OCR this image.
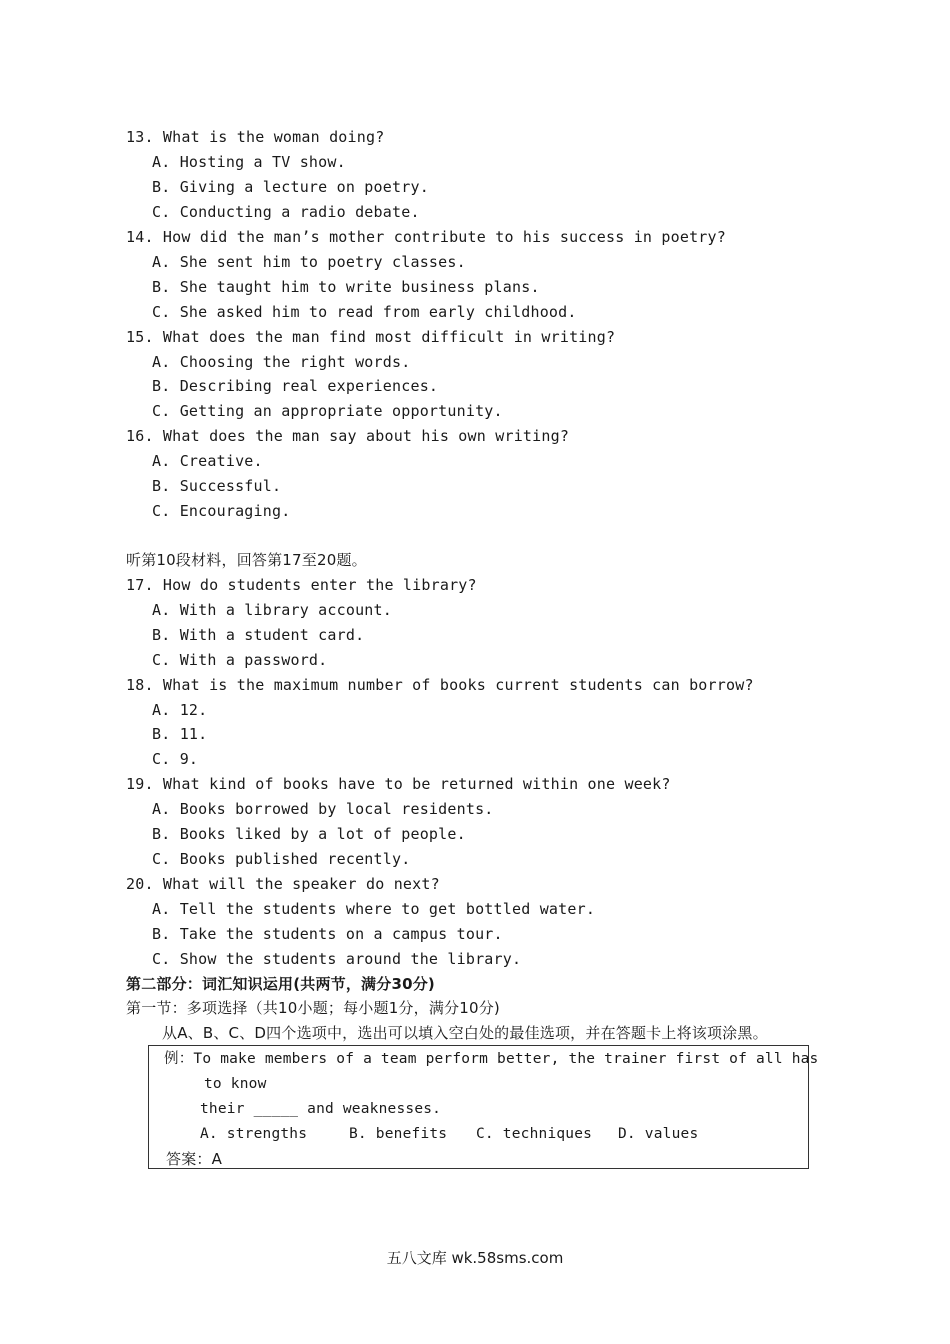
13. What is the woman doing?
A. Hosting a TV show.
B. Giving a lecture on poetry.
C. Conducting a radio debate.
14. How did the man’s mother contribute to his success in poetry?
A. She sent him to poetry classes.
B. She taught him to write business plans.
C. She asked him to read from early childhood.
15. What does the man find most difficult in writing?
A. Choosing the right words.
B. Describing real experiences.
C. Getting an appropriate opportunity.
16. What does the man say about his own writing?
A. Creative.
B. Successful.
C. Encouraging.
听第10段材料，回答第17至20题。
17. How do students enter the library?
A. With a library account.
B. With a student card.
C. With a password.
18. What is the maximum number of books current students can borrow?
A. 12.
B. 11.
C. 9.
19. What kind of books have to be returned within one week?
A. Books borrowed by local residents.
B. Books liked by a lot of people.
C. Books published recently.
20. What will the speaker do next?
A. Tell the students where to get bottled water.
B. Take the students on a campus tour.
C. Show the students around the library.
第二部分：词汇知识运用(共两节，满分30分)
第一节：多项选择（共10小题；每小题1分，满分10分)
从A、B、C、D四个选项中，选出可以填入空白处的最佳选项，并在答题卡上将该项涂黑。
例：To make members of a team perform better, the trainer first of all has
to know
their _____ and weaknesses.
A. strengths	B. benefits C. techniques D. values
答案：A
五八文库 wk.58sms.com
